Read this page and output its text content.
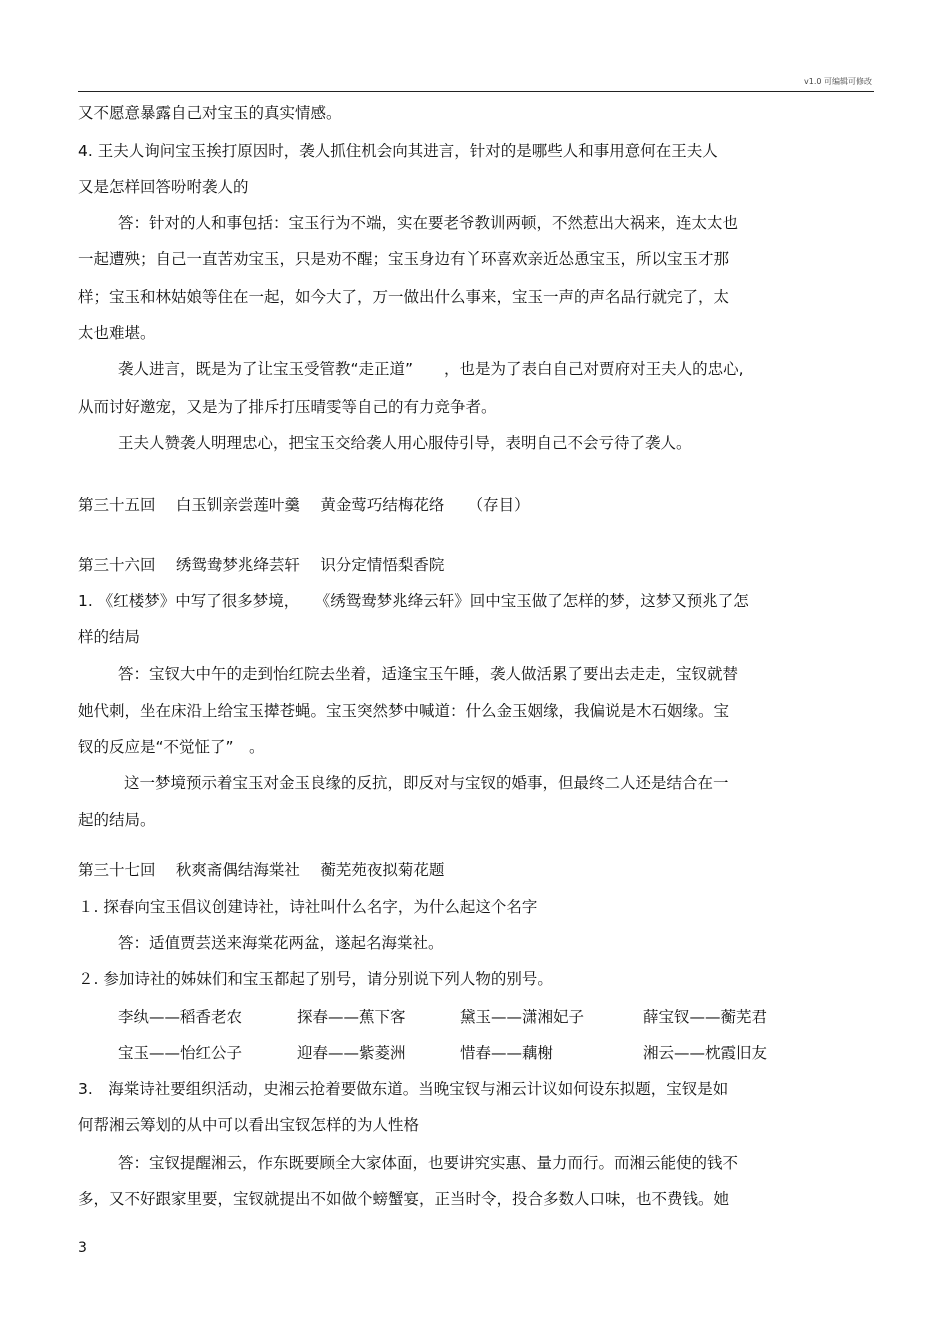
v1.0 可编辑可修改
又不愿意暴露自己对宝玉的真实情感。
4. 王夫人询问宝玉挨打原因时，袭人抓住机会向其进言，针对的是哪些人和事用意何在王夫人
又是怎样回答吩咐袭人的
答：针对的人和事包括：宝玉行为不端，实在要老爷教训两顿，不然惹出大祸来，连太太也
一起遭殃；自己一直苦劝宝玉，只是劝不醒；宝玉身边有丫环喜欢亲近怂恿宝玉，所以宝玉才那
样；宝玉和林姑娘等住在一起，如今大了，万一做出什么事来，宝玉一声的声名品行就完了，太
太也难堪。
袭人进言，既是为了让宝玉受管教“走正道”　　，也是为了表白自己对贾府对王夫人的忠心,
从而讨好邀宠，又是为了排斥打压晴雯等自己的有力竞争者。
王夫人赞袭人明理忠心，把宝玉交给袭人用心服侍引导，表明自己不会亏待了袭人。
第三十五回　 白玉钏亲尝莲叶羹　 黄金莺巧结梅花络　　（存目）
第三十六回　 绣鸳鸯梦兆绛芸轩　 识分定情悟梨香院
1. 《红楼梦》中写了很多梦境，　　《绣鸳鸯梦兆绛云轩》回中宝玉做了怎样的梦，这梦又预兆了怎
样的结局
答：宝钗大中午的走到怡红院去坐着，适逢宝玉午睡，袭人做活累了要出去走走，宝钗就替
她代刺，坐在床沿上给宝玉撵苍蝇。宝玉突然梦中喊道：什么金玉姻缘，我偏说是木石姻缘。宝
钗的反应是“不觉怔了”　。
这一梦境预示着宝玉对金玉良缘的反抗，即反对与宝钗的婚事，但最终二人还是结合在一
起的结局。
第三十七回　 秋爽斋偶结海棠社　 蘅芜苑夜拟菊花题
１. 探春向宝玉倡议创建诗社，诗社叫什么名字，为什么起这个名字
答：适值贾芸送来海棠花两盆，遂起名海棠社。
２. 参加诗社的姊妹们和宝玉都起了别号，请分别说下列人物的别号。
李纨——稻香老农	探春——蕉下客	黛玉——潇湘妃子	薛宝钗——蘅芜君
宝玉——怡红公子	迎春——紫菱洲	惜春——藕榭	湘云——枕霞旧友
3.　海棠诗社要组织活动，史湘云抢着要做东道。当晚宝钗与湘云计议如何设东拟题，宝钗是如
何帮湘云筹划的从中可以看出宝钗怎样的为人性格
答：宝钗提醒湘云，作东既要顾全大家体面，也要讲究实惠、量力而行。而湘云能使的钱不
多，又不好跟家里要，宝钗就提出不如做个螃蟹宴，正当时令，投合多数人口味，也不费钱。她
3
